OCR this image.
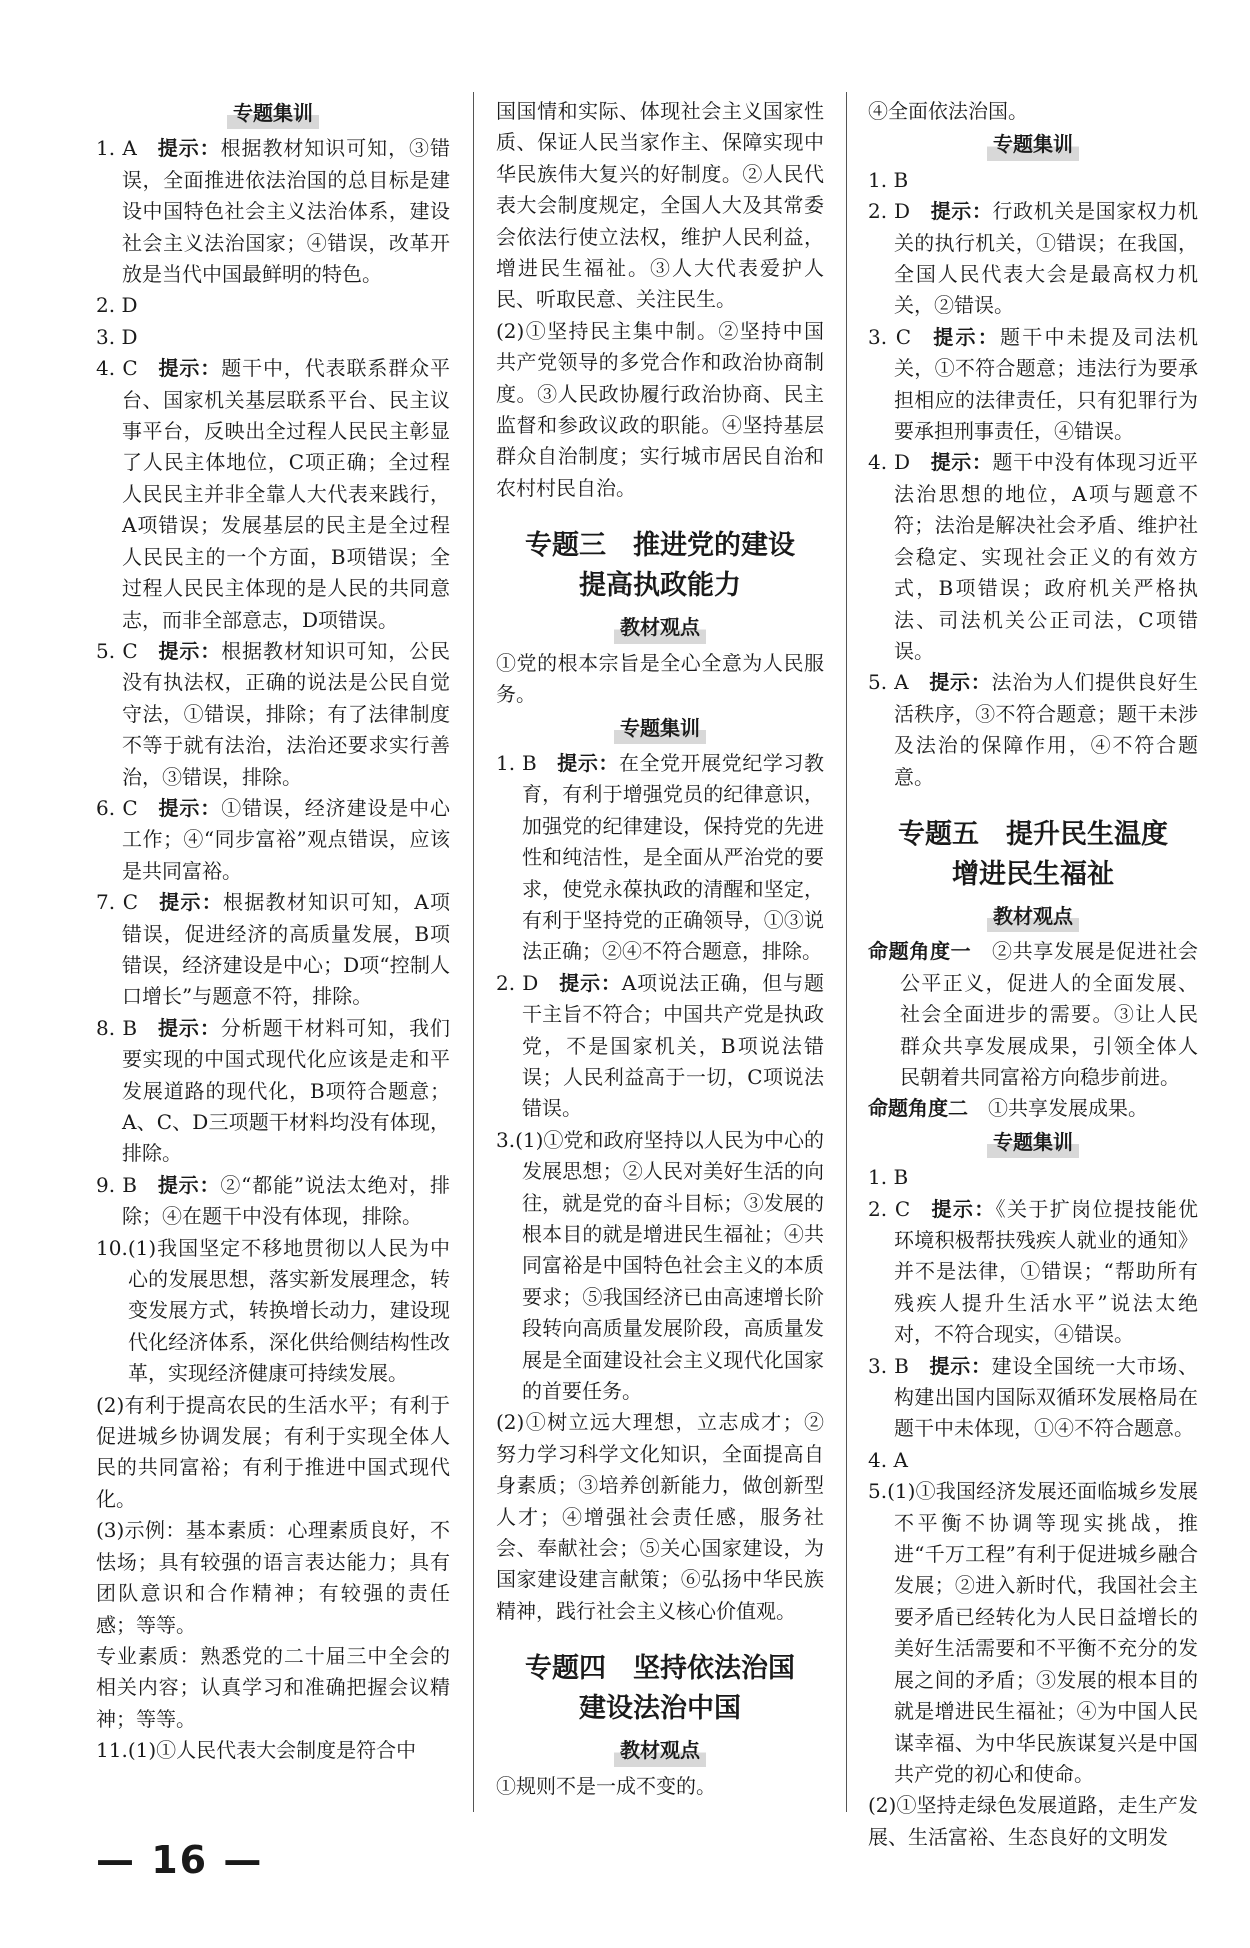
专题集训
1. A  提示：根据教材知识可知，③错误，全面推进依法治国的总目标是建设中国特色社会主义法治体系，建设社会主义法治国家；④错误，改革开放是当代中国最鲜明的特色。
2. D
3. D
4. C  提示：题干中，代表联系群众平台、国家机关基层联系平台、民主议事平台，反映出全过程人民民主彰显了人民主体地位，C项正确；全过程人民民主并非全靠人大代表来践行，A项错误；发展基层的民主是全过程人民民主的一个方面，B项错误；全过程人民民主体现的是人民的共同意志，而非全部意志，D项错误。
5. C  提示：根据教材知识可知，公民没有执法权，正确的说法是公民自觉守法，①错误，排除；有了法律制度不等于就有法治，法治还要求实行善治，③错误，排除。
6. C  提示：①错误，经济建设是中心工作；④“同步富裕”观点错误，应该是共同富裕。
7. C  提示：根据教材知识可知，A项错误，促进经济的高质量发展，B项错误，经济建设是中心；D项“控制人口增长”与题意不符，排除。
8. B  提示：分析题干材料可知，我们要实现的中国式现代化应该是走和平发展道路的现代化，B项符合题意；A、C、D三项题干材料均没有体现，排除。
9. B  提示：②“都能”说法太绝对，排除；④在题干中没有体现，排除。
10.(1)我国坚定不移地贯彻以人民为中心的发展思想，落实新发展理念，转变发展方式，转换增长动力，建设现代化经济体系，深化供给侧结构性改革，实现经济健康可持续发展。
(2)有利于提高农民的生活水平；有利于促进城乡协调发展；有利于实现全体人民的共同富裕；有利于推进中国式现代化。
(3)示例：基本素质：心理素质良好，不怯场；具有较强的语言表达能力；具有团队意识和合作精神；有较强的责任感；等等。
专业素质：熟悉党的二十届三中全会的相关内容；认真学习和准确把握会议精神；等等。
11.(1)①人民代表大会制度是符合中
国国情和实际、体现社会主义国家性质、保证人民当家作主、保障实现中华民族伟大复兴的好制度。②人民代表大会制度规定，全国人大及其常委会依法行使立法权，维护人民利益，增进民生福祉。③人大代表爱护人民、听取民意、关注民生。
(2)①坚持民主集中制。②坚持中国共产党领导的多党合作和政治协商制度。③人民政协履行政治协商、民主监督和参政议政的职能。④坚持基层群众自治制度；实行城市居民自治和农村村民自治。
专题三　推进党的建设
提高执政能力
教材观点
①党的根本宗旨是全心全意为人民服务。
专题集训
1. B  提示：在全党开展党纪学习教育，有利于增强党员的纪律意识，加强党的纪律建设，保持党的先进性和纯洁性，是全面从严治党的要求，使党永葆执政的清醒和坚定，有利于坚持党的正确领导，①③说法正确；②④不符合题意，排除。
2. D  提示：A项说法正确，但与题干主旨不符合；中国共产党是执政党，不是国家机关，B项说法错误；人民利益高于一切，C项说法错误。
3.(1)①党和政府坚持以人民为中心的发展思想；②人民对美好生活的向往，就是党的奋斗目标；③发展的根本目的就是增进民生福祉；④共同富裕是中国特色社会主义的本质要求；⑤我国经济已由高速增长阶段转向高质量发展阶段，高质量发展是全面建设社会主义现代化国家的首要任务。
(2)①树立远大理想，立志成才；②努力学习科学文化知识，全面提高自身素质；③培养创新能力，做创新型人才；④增强社会责任感，服务社会、奉献社会；⑤关心国家建设，为国家建设建言献策；⑥弘扬中华民族精神，践行社会主义核心价值观。
专题四　坚持依法治国
建设法治中国
教材观点
①规则不是一成不变的。
④全面依法治国。
专题集训
1. B
2. D  提示：行政机关是国家权力机关的执行机关，①错误；在我国，全国人民代表大会是最高权力机关，②错误。
3. C  提示：题干中未提及司法机关，①不符合题意；违法行为要承担相应的法律责任，只有犯罪行为要承担刑事责任，④错误。
4. D  提示：题干中没有体现习近平法治思想的地位，A项与题意不符；法治是解决社会矛盾、维护社会稳定、实现社会正义的有效方式，B项错误；政府机关严格执法、司法机关公正司法，C项错误。
5. A  提示：法治为人们提供良好生活秩序，③不符合题意；题干未涉及法治的保障作用，④不符合题意。
专题五　提升民生温度
增进民生福祉
教材观点
命题角度一  ②共享发展是促进社会公平正义，促进人的全面发展、社会全面进步的需要。③让人民群众共享发展成果，引领全体人民朝着共同富裕方向稳步前进。
命题角度二  ①共享发展成果。
专题集训
1. B
2. C  提示：《关于扩岗位提技能优环境积极帮扶残疾人就业的通知》并不是法律，①错误；“帮助所有残疾人提升生活水平”说法太绝对，不符合现实，④错误。
3. B  提示：建设全国统一大市场、构建出国内国际双循环发展格局在题干中未体现，①④不符合题意。
4. A
5.(1)①我国经济发展还面临城乡发展不平衡不协调等现实挑战，推进“千万工程”有利于促进城乡融合发展；②进入新时代，我国社会主要矛盾已经转化为人民日益增长的美好生活需要和不平衡不充分的发展之间的矛盾；③发展的根本目的就是增进民生福祉；④为中国人民谋幸福、为中华民族谋复兴是中国共产党的初心和使命。
(2)①坚持走绿色发展道路，走生产发展、生活富裕、生态良好的文明发
— 16 —
